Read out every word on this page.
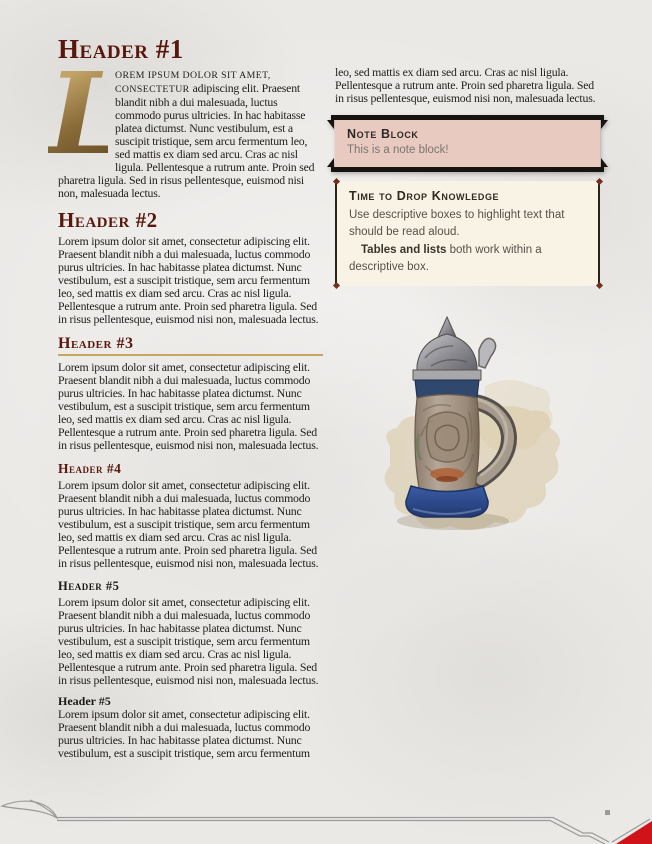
Header #1

L
OREM IPSUM DOLOR SIT AMET, CONSECTETUR adipiscing elit. Praesent blandit nibh a dui malesuada, luctus commodo purus ultricies. In hac habitasse platea dictumst. Nunc vestibulum, est a suscipit tristique, sem arcu fermentum leo, sed mattis ex diam sed arcu. Cras ac nisl ligula. Pellentesque a rutrum ante. Proin sed pharetra ligula. Sed in risus pellentesque, euismod nisi non, malesuada lectus.

Header #2

Lorem ipsum dolor sit amet, consectetur adipiscing elit. Praesent blandit nibh a dui malesuada, luctus commodo purus ultricies. In hac habitasse platea dictumst. Nunc vestibulum, est a suscipit tristique, sem arcu fermentum leo, sed mattis ex diam sed arcu. Cras ac nisl ligula. Pellentesque a rutrum ante. Proin sed pharetra ligula. Sed in risus pellentesque, euismod nisi non, malesuada lectus.

Header #3

Lorem ipsum dolor sit amet, consectetur adipiscing elit. Praesent blandit nibh a dui malesuada, luctus commodo purus ultricies. In hac habitasse platea dictumst. Nunc vestibulum, est a suscipit tristique, sem arcu fermentum leo, sed mattis ex diam sed arcu. Cras ac nisl ligula. Pellentesque a rutrum ante. Proin sed pharetra ligula. Sed in risus pellentesque, euismod nisi non, malesuada lectus.

Header #4

Lorem ipsum dolor sit amet, consectetur adipiscing elit. Praesent blandit nibh a dui malesuada, luctus commodo purus ultricies. In hac habitasse platea dictumst. Nunc vestibulum, est a suscipit tristique, sem arcu fermentum leo, sed mattis ex diam sed arcu. Cras ac nisl ligula. Pellentesque a rutrum ante. Proin sed pharetra ligula. Sed in risus pellentesque, euismod nisi non, malesuada lectus.

Header #5

Lorem ipsum dolor sit amet, consectetur adipiscing elit. Praesent blandit nibh a dui malesuada, luctus commodo purus ultricies. In hac habitasse platea dictumst. Nunc vestibulum, est a suscipit tristique, sem arcu fermentum leo, sed mattis ex diam sed arcu. Cras ac nisl ligula. Pellentesque a rutrum ante. Proin sed pharetra ligula. Sed in risus pellentesque, euismod nisi non, malesuada lectus.

Header #5

Lorem ipsum dolor sit amet, consectetur adipiscing elit. Praesent blandit nibh a dui malesuada, luctus commodo purus ultricies. In hac habitasse platea dictumst. Nunc vestibulum, est a suscipit tristique, sem arcu fermentum

leo, sed mattis ex diam sed arcu. Cras ac nisl ligula. Pellentesque a rutrum ante. Proin sed pharetra ligula. Sed in risus pellentesque, euismod nisi non, malesuada lectus.

Note Block
This is a note block!
Time to Drop Knowledge
Use descriptive boxes to highlight text that should be read aloud.
Tables and lists both work within a descriptive box.
